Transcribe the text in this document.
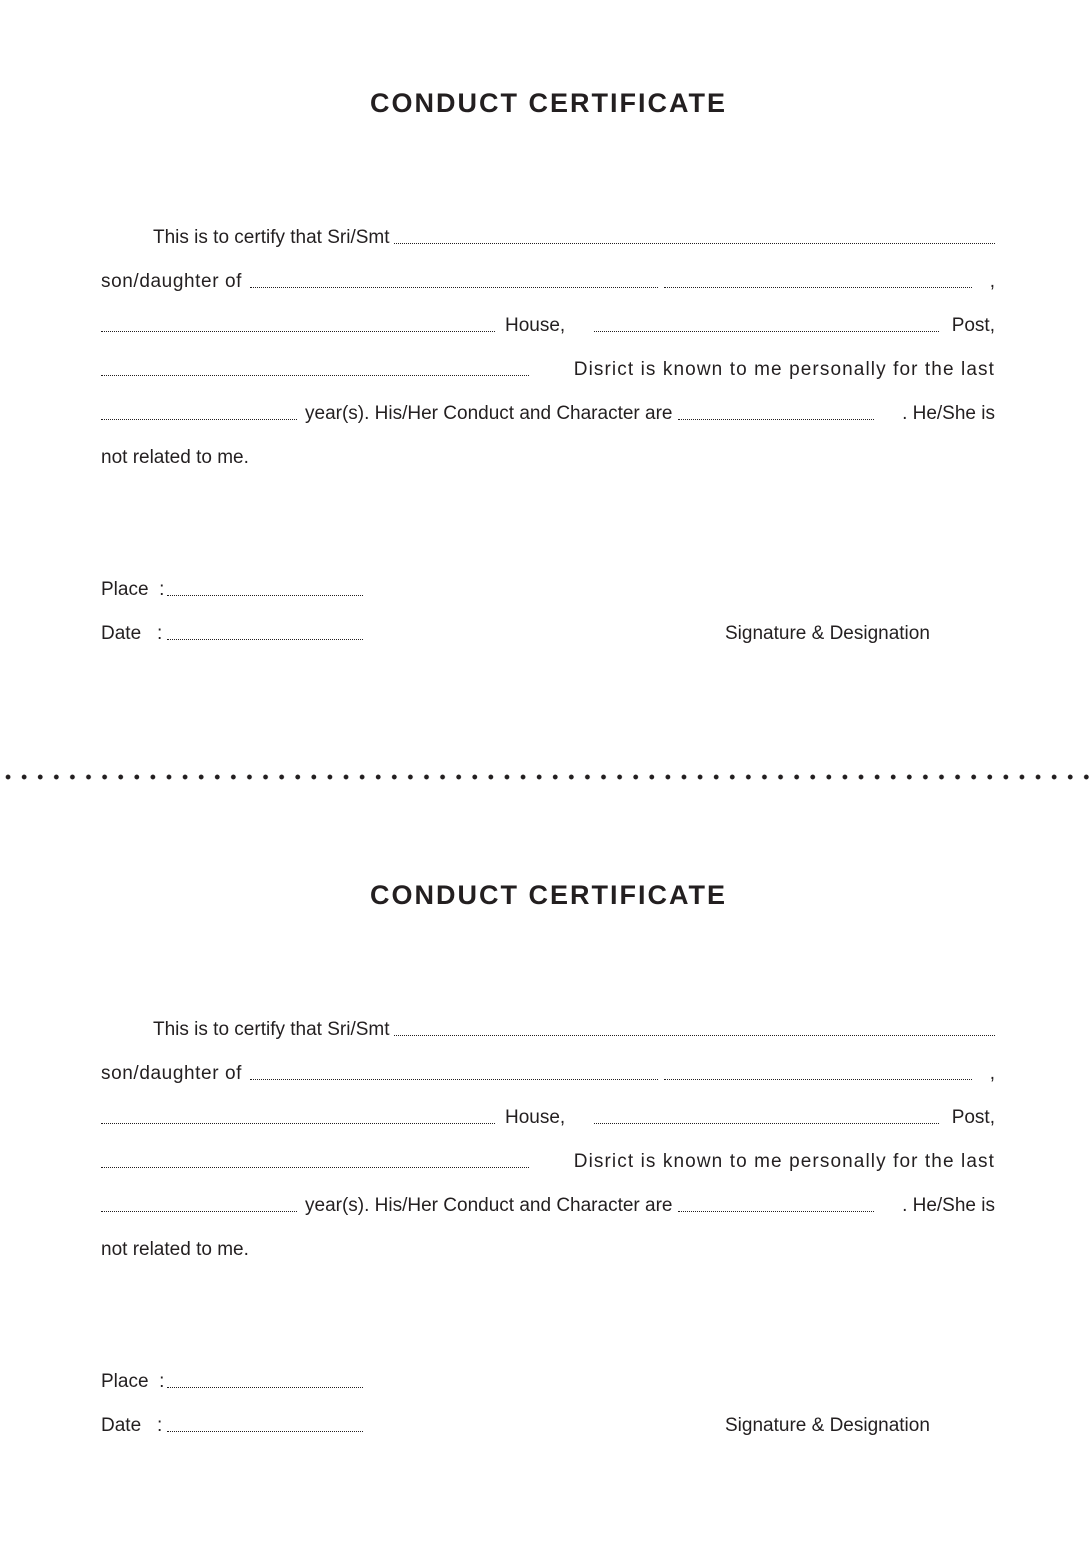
CONDUCT CERTIFICATE
This is to certify that Sri/Smt
son/daughter of	,
House,	Post,
Disrict is known to me personally for the last
year(s). His/Her Conduct and Character are	. He/She is
not related to me.
Place  :
Date   :	Signature & Designation
CONDUCT CERTIFICATE
This is to certify that Sri/Smt
son/daughter of	,
House,	Post,
Disrict is known to me personally for the last
year(s). His/Her Conduct and Character are	. He/She is
not related to me.
Place  :
Date   :	Signature & Designation
